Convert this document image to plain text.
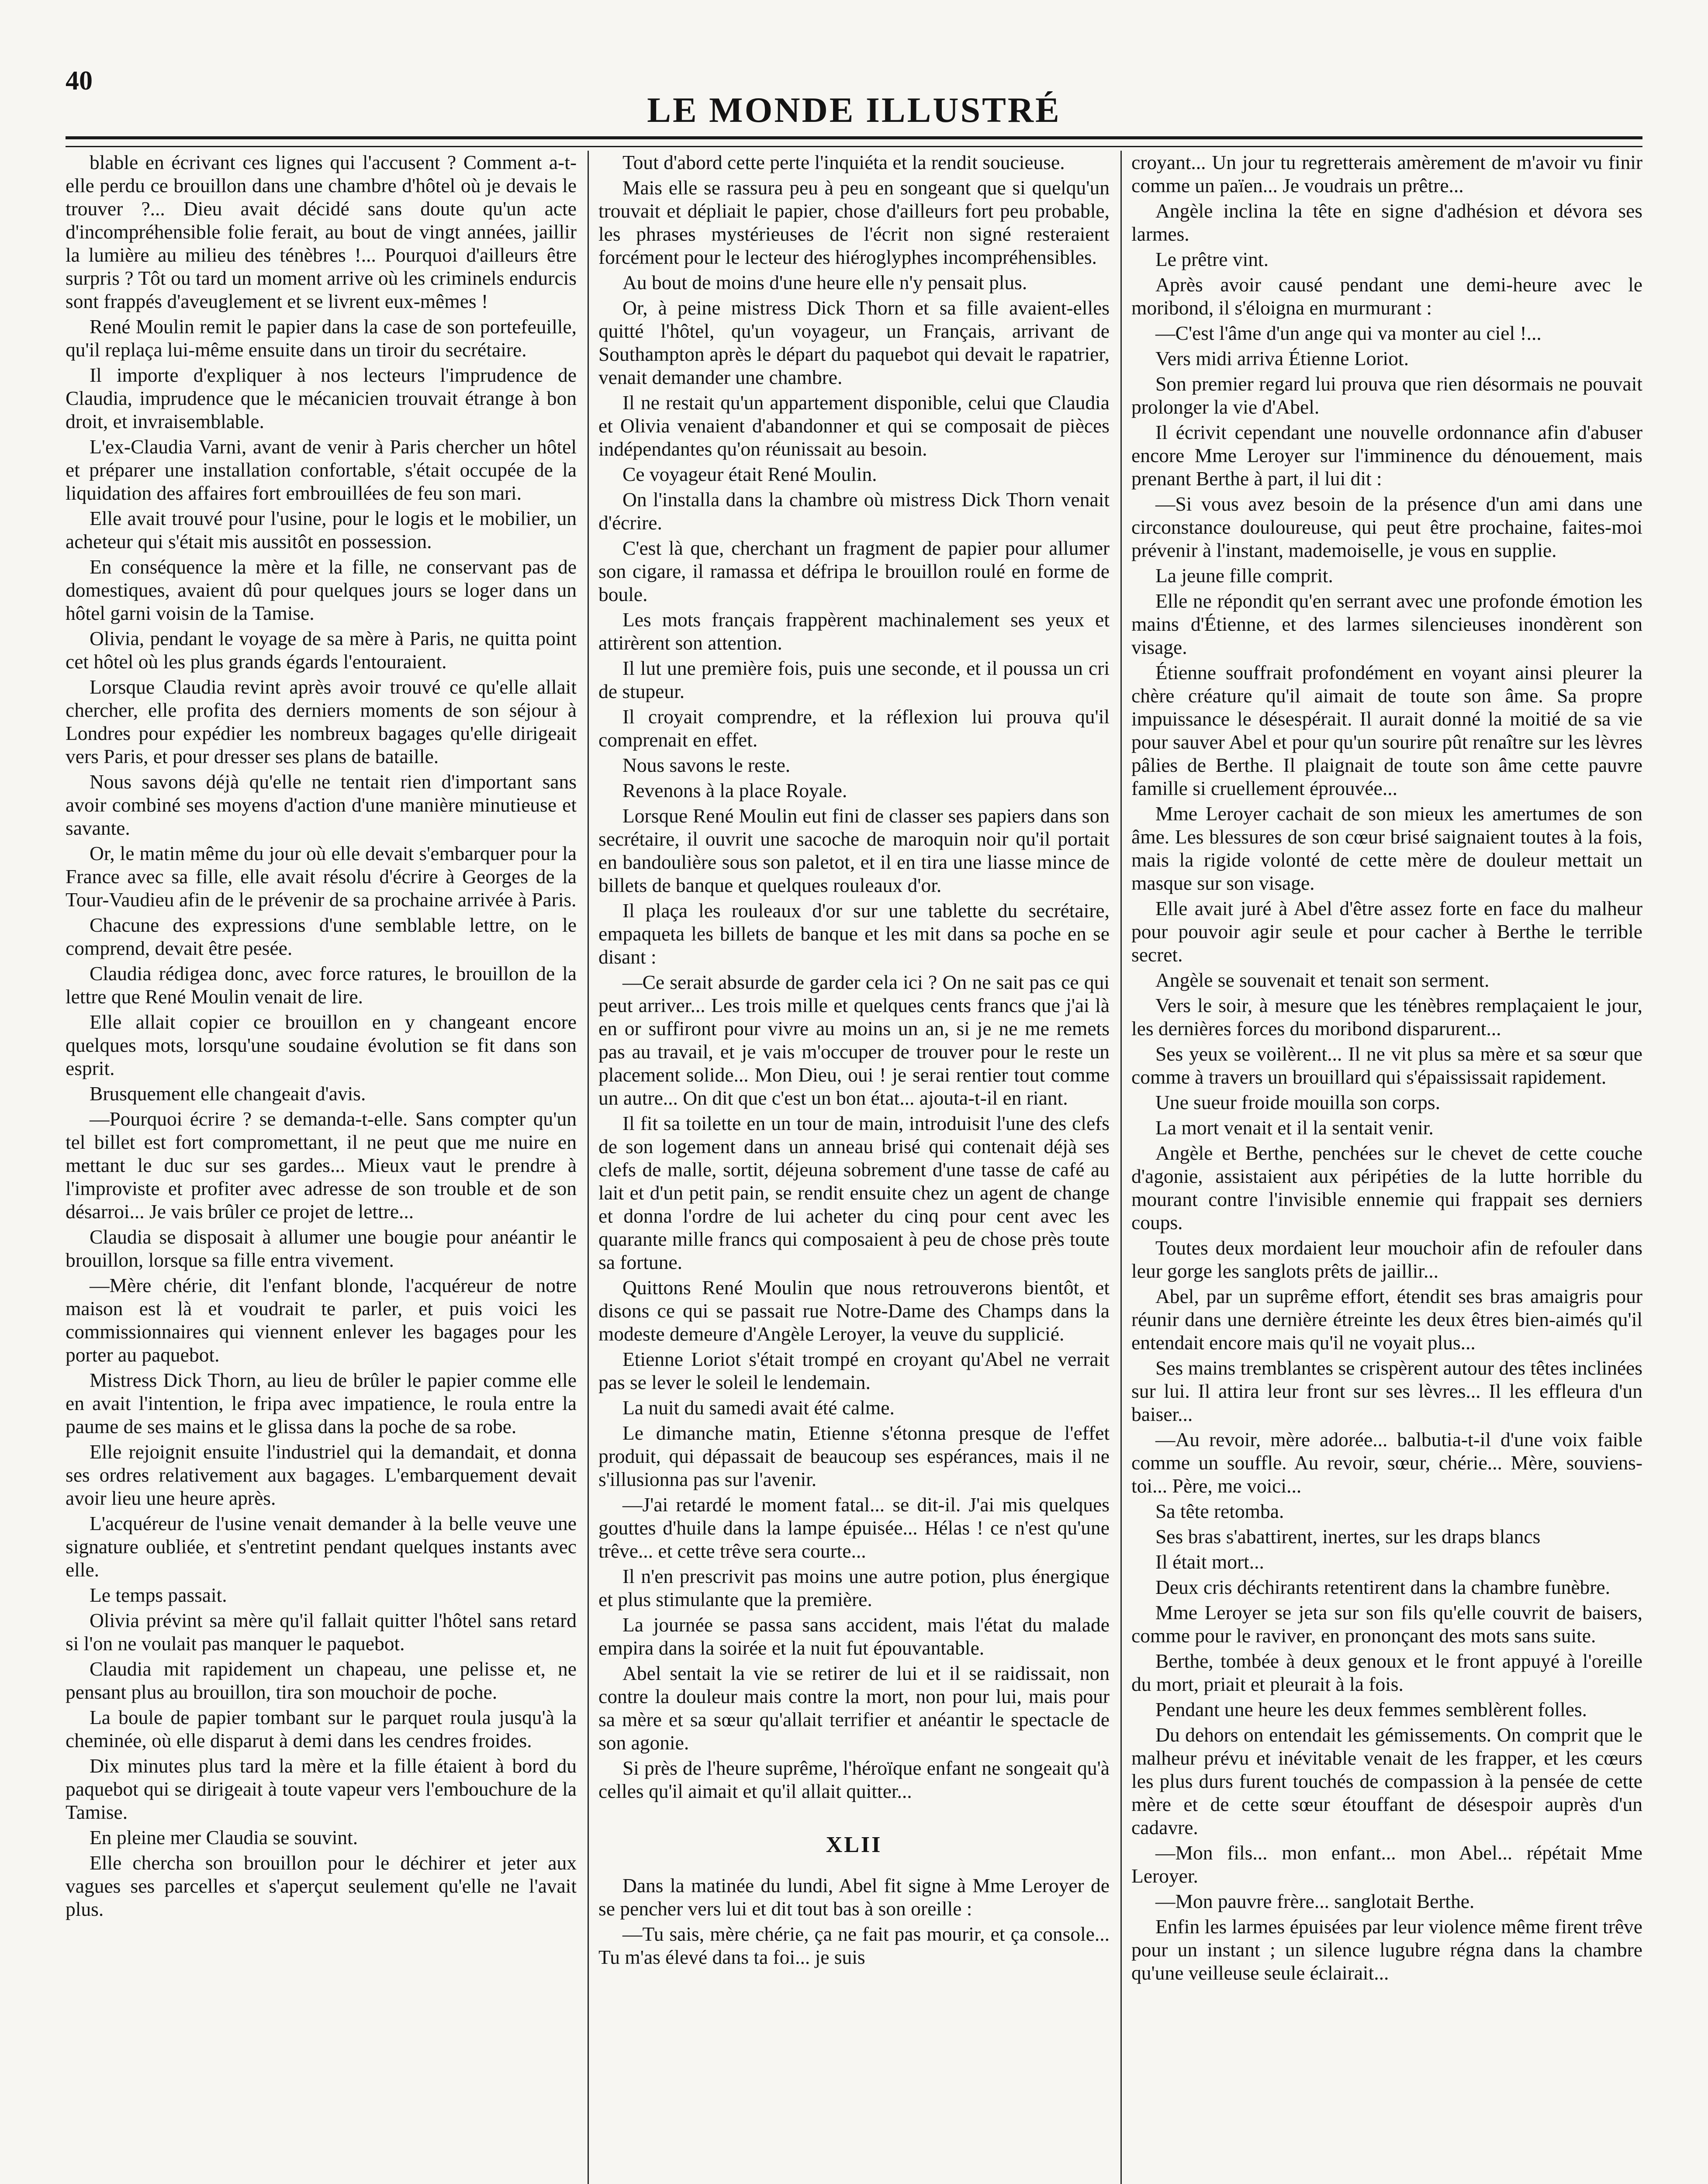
40
LE MONDE ILLUSTRÉ

blable en écrivant ces lignes qui l'accusent ? Comment a-t-elle perdu ce brouillon dans une chambre d'hôtel où je devais le trouver ?... Dieu avait décidé sans doute qu'un acte d'incompréhensible folie ferait, au bout de vingt années, jaillir la lumière au milieu des ténèbres !... Pourquoi d'ailleurs être surpris ? Tôt ou tard un moment arrive où les criminels endurcis sont frappés d'aveuglement et se livrent eux-mêmes !

René Moulin remit le papier dans la case de son portefeuille, qu'il replaça lui-même ensuite dans un tiroir du secrétaire.

Il importe d'expliquer à nos lecteurs l'imprudence de Claudia, imprudence que le mécanicien trouvait étrange à bon droit, et invraisemblable.

L'ex-Claudia Varni, avant de venir à Paris chercher un hôtel et préparer une installation confortable, s'était occupée de la liquidation des affaires fort embrouillées de feu son mari.

Elle avait trouvé pour l'usine, pour le logis et le mobilier, un acheteur qui s'était mis aussitôt en possession.

En conséquence la mère et la fille, ne conservant pas de domestiques, avaient dû pour quelques jours se loger dans un hôtel garni voisin de la Tamise.

Olivia, pendant le voyage de sa mère à Paris, ne quitta point cet hôtel où les plus grands égards l'entouraient.

Lorsque Claudia revint après avoir trouvé ce qu'elle allait chercher, elle profita des derniers moments de son séjour à Londres pour expédier les nombreux bagages qu'elle dirigeait vers Paris, et pour dresser ses plans de bataille.

Nous savons déjà qu'elle ne tentait rien d'important sans avoir combiné ses moyens d'action d'une manière minutieuse et savante.

Or, le matin même du jour où elle devait s'embarquer pour la France avec sa fille, elle avait résolu d'écrire à Georges de la Tour-Vaudieu afin de le prévenir de sa prochaine arrivée à Paris.

Chacune des expressions d'une semblable lettre, on le comprend, devait être pesée.

Claudia rédigea donc, avec force ratures, le brouillon de la lettre que René Moulin venait de lire.

Elle allait copier ce brouillon en y changeant encore quelques mots, lorsqu'une soudaine évolution se fit dans son esprit.

Brusquement elle changeait d'avis.

—Pourquoi écrire ? se demanda-t-elle. Sans compter qu'un tel billet est fort compromettant, il ne peut que me nuire en mettant le duc sur ses gardes... Mieux vaut le prendre à l'improviste et profiter avec adresse de son trouble et de son désarroi... Je vais brûler ce projet de lettre...

Claudia se disposait à allumer une bougie pour anéantir le brouillon, lorsque sa fille entra vivement.

—Mère chérie, dit l'enfant blonde, l'acquéreur de notre maison est là et voudrait te parler, et puis voici les commissionnaires qui viennent enlever les bagages pour les porter au paquebot.

Mistress Dick Thorn, au lieu de brûler le papier comme elle en avait l'intention, le fripa avec impatience, le roula entre la paume de ses mains et le glissa dans la poche de sa robe.

Elle rejoignit ensuite l'industriel qui la demandait, et donna ses ordres relativement aux bagages. L'embarquement devait avoir lieu une heure après.

L'acquéreur de l'usine venait demander à la belle veuve une signature oubliée, et s'entretint pendant quelques instants avec elle.

Le temps passait.

Olivia prévint sa mère qu'il fallait quitter l'hôtel sans retard si l'on ne voulait pas manquer le paquebot.

Claudia mit rapidement un chapeau, une pelisse et, ne pensant plus au brouillon, tira son mouchoir de poche.

La boule de papier tombant sur le parquet roula jusqu'à la cheminée, où elle disparut à demi dans les cendres froides.

Dix minutes plus tard la mère et la fille étaient à bord du paquebot qui se dirigeait à toute vapeur vers l'embouchure de la Tamise.

En pleine mer Claudia se souvint.

Elle chercha son brouillon pour le déchirer et jeter aux vagues ses parcelles et s'aperçut seulement qu'elle ne l'avait plus.

Tout d'abord cette perte l'inquiéta et la rendit soucieuse.

Mais elle se rassura peu à peu en songeant que si quelqu'un trouvait et dépliait le papier, chose d'ailleurs fort peu probable, les phrases mystérieuses de l'écrit non signé resteraient forcément pour le lecteur des hiéroglyphes incompréhensibles.

Au bout de moins d'une heure elle n'y pensait plus.

Or, à peine mistress Dick Thorn et sa fille avaient-elles quitté l'hôtel, qu'un voyageur, un Français, arrivant de Southampton après le départ du paquebot qui devait le rapatrier, venait demander une chambre.

Il ne restait qu'un appartement disponible, celui que Claudia et Olivia venaient d'abandonner et qui se composait de pièces indépendantes qu'on réunissait au besoin.

Ce voyageur était René Moulin.

On l'installa dans la chambre où mistress Dick Thorn venait d'écrire.

C'est là que, cherchant un fragment de papier pour allumer son cigare, il ramassa et défripa le brouillon roulé en forme de boule.

Les mots français frappèrent machinalement ses yeux et attirèrent son attention.

Il lut une première fois, puis une seconde, et il poussa un cri de stupeur.

Il croyait comprendre, et la réflexion lui prouva qu'il comprenait en effet.

Nous savons le reste.

Revenons à la place Royale.

Lorsque René Moulin eut fini de classer ses papiers dans son secrétaire, il ouvrit une sacoche de maroquin noir qu'il portait en bandoulière sous son paletot, et il en tira une liasse mince de billets de banque et quelques rouleaux d'or.

Il plaça les rouleaux d'or sur une tablette du secrétaire, empaqueta les billets de banque et les mit dans sa poche en se disant :

—Ce serait absurde de garder cela ici ? On ne sait pas ce qui peut arriver... Les trois mille et quelques cents francs que j'ai là en or suffiront pour vivre au moins un an, si je ne me remets pas au travail, et je vais m'occuper de trouver pour le reste un placement solide... Mon Dieu, oui ! je serai rentier tout comme un autre... On dit que c'est un bon état... ajouta-t-il en riant.

Il fit sa toilette en un tour de main, introduisit l'une des clefs de son logement dans un anneau brisé qui contenait déjà ses clefs de malle, sortit, déjeuna sobrement d'une tasse de café au lait et d'un petit pain, se rendit ensuite chez un agent de change et donna l'ordre de lui acheter du cinq pour cent avec les quarante mille francs qui composaient à peu de chose près toute sa fortune.

Quittons René Moulin que nous retrouverons bientôt, et disons ce qui se passait rue Notre-Dame des Champs dans la modeste demeure d'Angèle Leroyer, la veuve du supplicié.

Etienne Loriot s'était trompé en croyant qu'Abel ne verrait pas se lever le soleil le lendemain.

La nuit du samedi avait été calme.

Le dimanche matin, Etienne s'étonna presque de l'effet produit, qui dépassait de beaucoup ses espérances, mais il ne s'illusionna pas sur l'avenir.

—J'ai retardé le moment fatal... se dit-il. J'ai mis quelques gouttes d'huile dans la lampe épuisée... Hélas ! ce n'est qu'une trêve... et cette trêve sera courte...

Il n'en prescrivit pas moins une autre potion, plus énergique et plus stimulante que la première.

La journée se passa sans accident, mais l'état du malade empira dans la soirée et la nuit fut épouvantable.

Abel sentait la vie se retirer de lui et il se raidissait, non contre la douleur mais contre la mort, non pour lui, mais pour sa mère et sa sœur qu'allait terrifier et anéantir le spectacle de son agonie.

Si près de l'heure suprême, l'héroïque enfant ne songeait qu'à celles qu'il aimait et qu'il allait quitter...

XLII

Dans la matinée du lundi, Abel fit signe à Mme Leroyer de se pencher vers lui et dit tout bas à son oreille :

—Tu sais, mère chérie, ça ne fait pas mourir, et ça console... Tu m'as élevé dans ta foi... je suis

croyant... Un jour tu regretterais amèrement de m'avoir vu finir comme un païen... Je voudrais un prêtre...

Angèle inclina la tête en signe d'adhésion et dévora ses larmes.

Le prêtre vint.

Après avoir causé pendant une demi-heure avec le moribond, il s'éloigna en murmurant :

—C'est l'âme d'un ange qui va monter au ciel !...

Vers midi arriva Étienne Loriot.

Son premier regard lui prouva que rien désormais ne pouvait prolonger la vie d'Abel.

Il écrivit cependant une nouvelle ordonnance afin d'abuser encore Mme Leroyer sur l'imminence du dénouement, mais prenant Berthe à part, il lui dit :

—Si vous avez besoin de la présence d'un ami dans une circonstance douloureuse, qui peut être prochaine, faites-moi prévenir à l'instant, mademoiselle, je vous en supplie.

La jeune fille comprit.

Elle ne répondit qu'en serrant avec une profonde émotion les mains d'Étienne, et des larmes silencieuses inondèrent son visage.

Étienne souffrait profondément en voyant ainsi pleurer la chère créature qu'il aimait de toute son âme. Sa propre impuissance le désespérait. Il aurait donné la moitié de sa vie pour sauver Abel et pour qu'un sourire pût renaître sur les lèvres pâlies de Berthe. Il plaignait de toute son âme cette pauvre famille si cruellement éprouvée...

Mme Leroyer cachait de son mieux les amertumes de son âme. Les blessures de son cœur brisé saignaient toutes à la fois, mais la rigide volonté de cette mère de douleur mettait un masque sur son visage.

Elle avait juré à Abel d'être assez forte en face du malheur pour pouvoir agir seule et pour cacher à Berthe le terrible secret.

Angèle se souvenait et tenait son serment.

Vers le soir, à mesure que les ténèbres remplaçaient le jour, les dernières forces du moribond disparurent...

Ses yeux se voilèrent... Il ne vit plus sa mère et sa sœur que comme à travers un brouillard qui s'épaississait rapidement.

Une sueur froide mouilla son corps.

La mort venait et il la sentait venir.

Angèle et Berthe, penchées sur le chevet de cette couche d'agonie, assistaient aux péripéties de la lutte horrible du mourant contre l'invisible ennemie qui frappait ses derniers coups.

Toutes deux mordaient leur mouchoir afin de refouler dans leur gorge les sanglots prêts de jaillir...

Abel, par un suprême effort, étendit ses bras amaigris pour réunir dans une dernière étreinte les deux êtres bien-aimés qu'il entendait encore mais qu'il ne voyait plus...

Ses mains tremblantes se crispèrent autour des têtes inclinées sur lui. Il attira leur front sur ses lèvres... Il les effleura d'un baiser...

—Au revoir, mère adorée... balbutia-t-il d'une voix faible comme un souffle. Au revoir, sœur, chérie... Mère, souviens-toi... Père, me voici...

Sa tête retomba.

Ses bras s'abattirent, inertes, sur les draps blancs

Il était mort...

Deux cris déchirants retentirent dans la chambre funèbre.

Mme Leroyer se jeta sur son fils qu'elle couvrit de baisers, comme pour le raviver, en prononçant des mots sans suite.

Berthe, tombée à deux genoux et le front appuyé à l'oreille du mort, priait et pleurait à la fois.

Pendant une heure les deux femmes semblèrent folles.

Du dehors on entendait les gémissements. On comprit que le malheur prévu et inévitable venait de les frapper, et les cœurs les plus durs furent touchés de compassion à la pensée de cette mère et de cette sœur étouffant de désespoir auprès d'un cadavre.

—Mon fils... mon enfant... mon Abel... répétait Mme Leroyer.

—Mon pauvre frère... sanglotait Berthe.

Enfin les larmes épuisées par leur violence même firent trêve pour un instant ; un silence lugubre régna dans la chambre qu'une veilleuse seule éclairait...
